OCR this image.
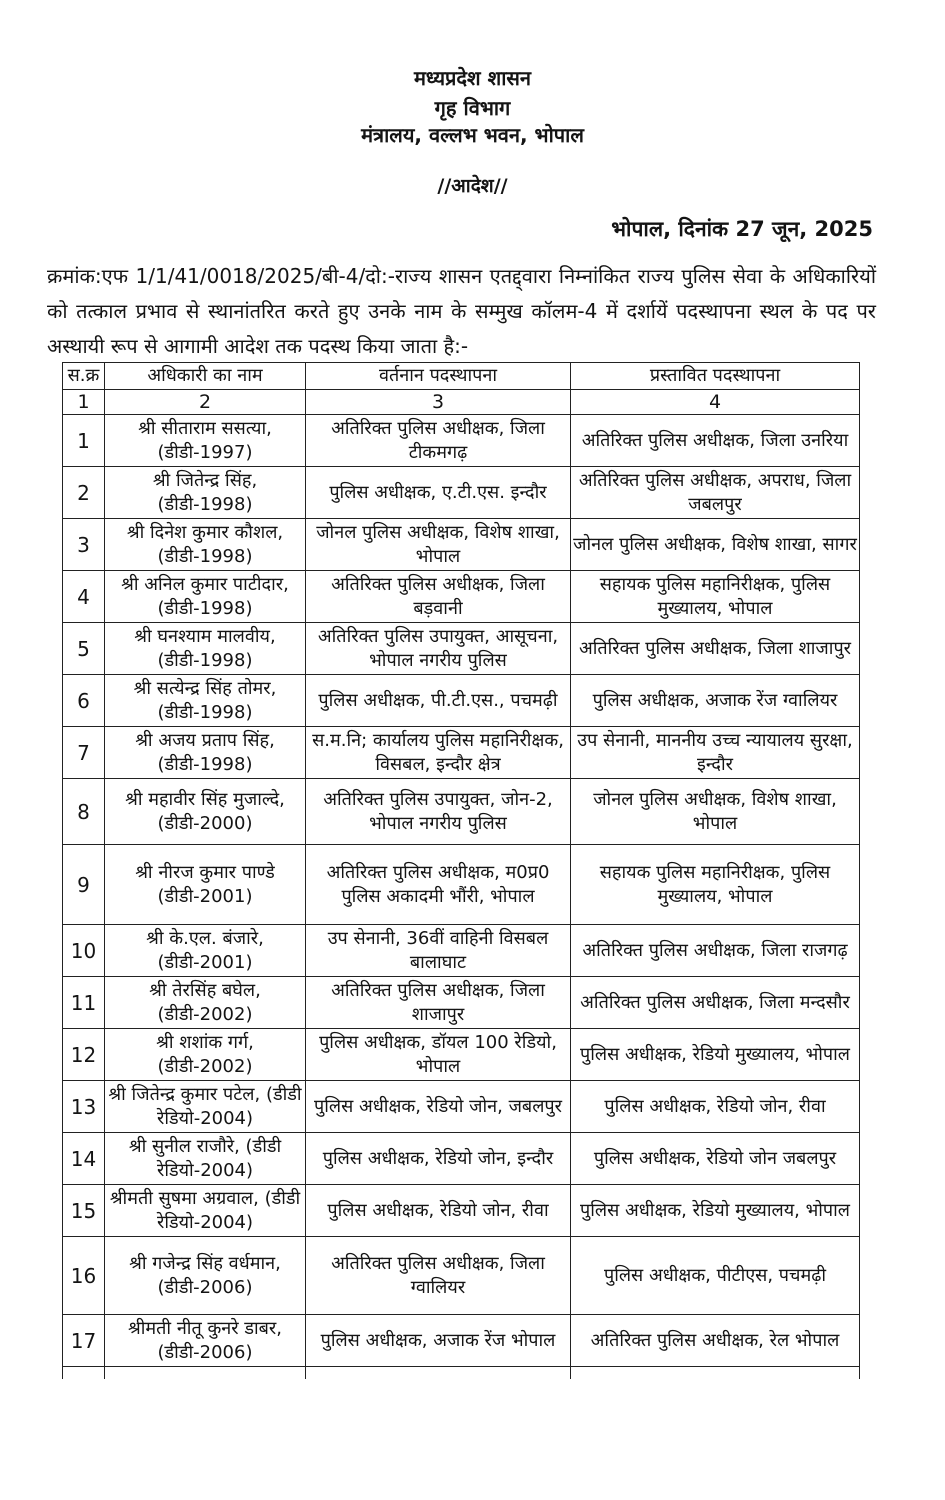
मध्यप्रदेश शासन
गृह विभाग
मंत्रालय, वल्लभ भवन, भोपाल
//आदेश//
भोपाल, दिनांक 27 जून, 2025
क्रमांक:एफ 1/1/41/0018/2025/बी-4/दो:-राज्य शासन एतद्द्वारा निम्नांकित राज्य पुलिस सेवा के अधिकारियों को तत्काल प्रभाव से स्थानांतरित करते हुए उनके नाम के सम्मुख कॉलम-4 में दर्शायें पदस्थापना स्थल के पद पर अस्थायी रूप से आगामी आदेश तक पदस्थ किया जाता है:-
स.क्र	अधिकारी का नाम	वर्तनान पदस्थापना	प्रस्तावित पदस्थापना
1	2	3	4
1	श्री सीताराम ससत्या, (डीडी-1997)	अतिरिक्त पुलिस अधीक्षक, जिला टीकमगढ़	अतिरिक्त पुलिस अधीक्षक, जिला उनरिया
2	श्री जितेन्द्र सिंह, (डीडी-1998)	पुलिस अधीक्षक, ए.टी.एस. इन्दौर	अतिरिक्त पुलिस अधीक्षक, अपराध, जिला जबलपुर
3	श्री दिनेश कुमार कौशल, (डीडी-1998)	जोनल पुलिस अधीक्षक, विशेष शाखा, भोपाल	जोनल पुलिस अधीक्षक, विशेष शाखा, सागर
4	श्री अनिल कुमार पाटीदार, (डीडी-1998)	अतिरिक्त पुलिस अधीक्षक, जिला बड़वानी	सहायक पुलिस महानिरीक्षक, पुलिस मुख्यालय, भोपाल
5	श्री घनश्याम मालवीय, (डीडी-1998)	अतिरिक्त पुलिस उपायुक्त, आसूचना, भोपाल नगरीय पुलिस	अतिरिक्त पुलिस अधीक्षक, जिला शाजापुर
6	श्री सत्येन्द्र सिंह तोमर, (डीडी-1998)	पुलिस अधीक्षक, पी.टी.एस., पचमढ़ी	पुलिस अधीक्षक, अजाक रेंज ग्वालियर
7	श्री अजय प्रताप सिंह, (डीडी-1998)	स.म.नि; कार्यालय पुलिस महानिरीक्षक, विसबल, इन्दौर क्षेत्र	उप सेनानी, माननीय उच्च न्यायालय सुरक्षा, इन्दौर
8	श्री महावीर सिंह मुजाल्दे, (डीडी-2000)	अतिरिक्त पुलिस उपायुक्त, जोन-2, भोपाल नगरीय पुलिस	जोनल पुलिस अधीक्षक, विशेष शाखा, भोपाल
9	श्री नीरज कुमार पाण्डे (डीडी-2001)	अतिरिक्त पुलिस अधीक्षक, म0प्र0 पुलिस अकादमी भौंरी, भोपाल	सहायक पुलिस महानिरीक्षक, पुलिस मुख्यालय, भोपाल
10	श्री के.एल. बंजारे, (डीडी-2001)	उप सेनानी, 36वीं वाहिनी विसबल बालाघाट	अतिरिक्त पुलिस अधीक्षक, जिला राजगढ़
11	श्री तेरसिंह बघेल, (डीडी-2002)	अतिरिक्त पुलिस अधीक्षक, जिला शाजापुर	अतिरिक्त पुलिस अधीक्षक, जिला मन्दसौर
12	श्री शशांक गर्ग, (डीडी-2002)	पुलिस अधीक्षक, डॉयल 100 रेडियो, भोपाल	पुलिस अधीक्षक, रेडियो मुख्यालय, भोपाल
13	श्री जितेन्द्र कुमार पटेल, (डीडी रेडियो-2004)	पुलिस अधीक्षक, रेडियो जोन, जबलपुर	पुलिस अधीक्षक, रेडियो जोन, रीवा
14	श्री सुनील राजौरे, (डीडी रेडियो-2004)	पुलिस अधीक्षक, रेडियो जोन, इन्दौर	पुलिस अधीक्षक, रेडियो जोन जबलपुर
15	श्रीमती सुषमा अग्रवाल, (डीडी रेडियो-2004)	पुलिस अधीक्षक, रेडियो जोन, रीवा	पुलिस अधीक्षक, रेडियो मुख्यालय, भोपाल
16	श्री गजेन्द्र सिंह वर्धमान, (डीडी-2006)	अतिरिक्त पुलिस अधीक्षक, जिला ग्वालियर	पुलिस अधीक्षक, पीटीएस, पचमढ़ी
17	श्रीमती नीतू कुनरे डाबर, (डीडी-2006)	पुलिस अधीक्षक, अजाक रेंज भोपाल	अतिरिक्त पुलिस अधीक्षक, रेल भोपाल
